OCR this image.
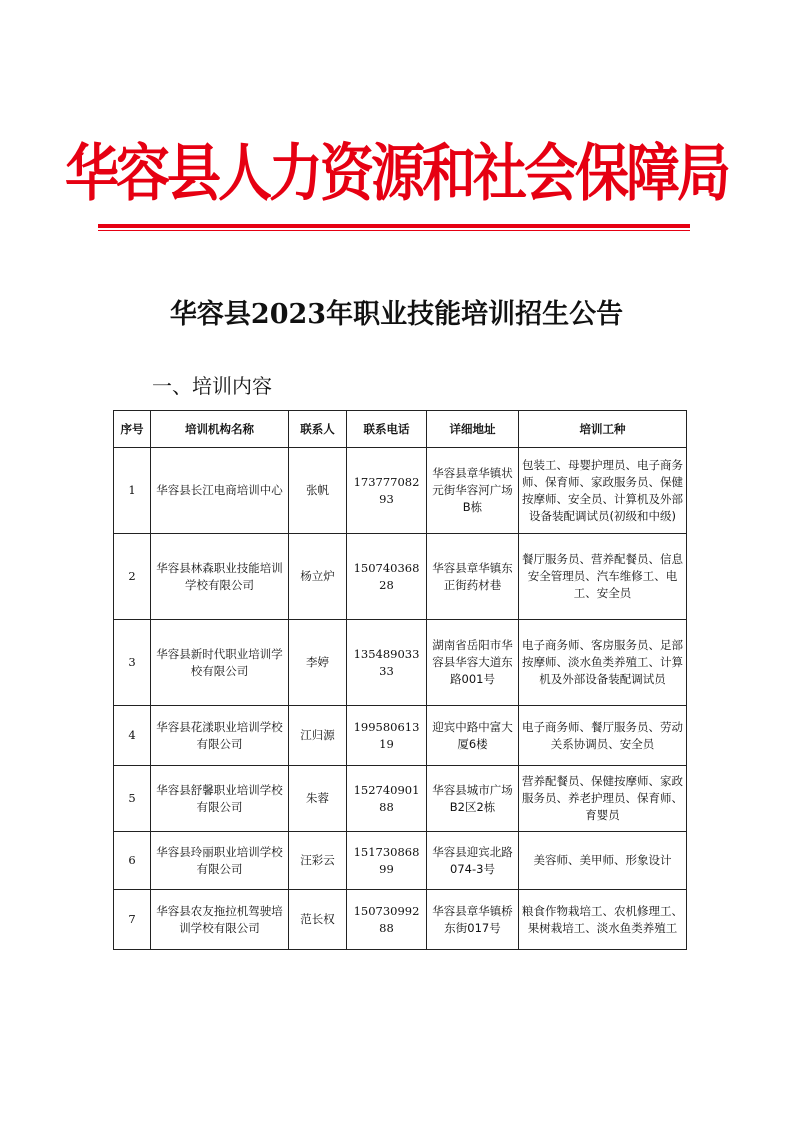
华容县人力资源和社会保障局
华容县2023年职业技能培训招生公告
一、培训内容
序号	培训机构名称	联系人	联系电话	详细地址	培训工种
1	华容县长江电商培训中心	张帆	17377708293	华容县章华镇状元街华容河广场B栋	包装工、母婴护理员、电子商务师、保育师、家政服务员、保健按摩师、安全员、计算机及外部设备装配调试员(初级和中级)
2	华容县林森职业技能培训学校有限公司	杨立炉	15074036828	华容县章华镇东正街药材巷	餐厅服务员、营养配餐员、信息安全管理员、汽车维修工、电工、安全员
3	华容县新时代职业培训学校有限公司	李婷	13548903333	湖南省岳阳市华容县华容大道东路001号	电子商务师、客房服务员、足部按摩师、淡水鱼类养殖工、计算机及外部设备装配调试员
4	华容县花漾职业培训学校有限公司	江归源	19958061319	迎宾中路中富大厦6楼	电子商务师、餐厅服务员、劳动关系协调员、安全员
5	华容县舒馨职业培训学校有限公司	朱蓉	15274090188	华容县城市广场B2区2栋	营养配餐员、保健按摩师、家政服务员、养老护理员、保育师、育婴员
6	华容县玲丽职业培训学校有限公司	汪彩云	15173086899	华容县迎宾北路074-3号	美容师、美甲师、形象设计
7	华容县农友拖拉机驾驶培训学校有限公司	范长权	15073099288	华容县章华镇桥东街017号	粮食作物栽培工、农机修理工、果树栽培工、淡水鱼类养殖工
